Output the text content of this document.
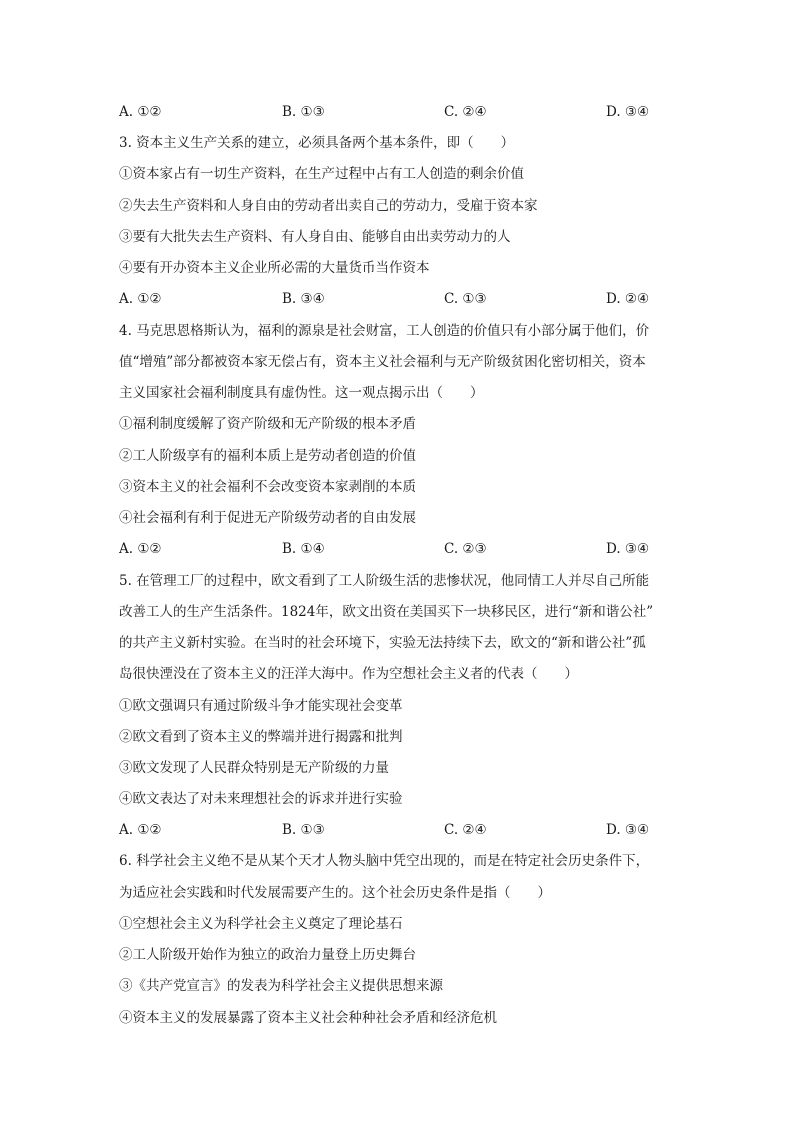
A. ①②	B. ①③	C. ②④	D. ③④
3. 资本主义生产关系的建立，必须具备两个基本条件，即（　　）
①资本家占有一切生产资料，在生产过程中占有工人创造的剩余价值
②失去生产资料和人身自由的劳动者出卖自己的劳动力，受雇于资本家
③要有大批失去生产资料、有人身自由、能够自由出卖劳动力的人
④要有开办资本主义企业所必需的大量货币当作资本
A. ①②	B. ③④	C. ①③	D. ②④
4. 马克思恩格斯认为，福利的源泉是社会财富，工人创造的价值只有小部分属于他们，价
值“增殖”部分都被资本家无偿占有，资本主义社会福利与无产阶级贫困化密切相关，资本
主义国家社会福利制度具有虚伪性。这一观点揭示出（　　）
①福利制度缓解了资产阶级和无产阶级的根本矛盾
②工人阶级享有的福利本质上是劳动者创造的价值
③资本主义的社会福利不会改变资本家剥削的本质
④社会福利有利于促进无产阶级劳动者的自由发展
A. ①②	B. ①④	C. ②③	D. ③④
5. 在管理工厂的过程中，欧文看到了工人阶级生活的悲惨状况，他同情工人并尽自己所能
改善工人的生产生活条件。1824年，欧文出资在美国买下一块移民区，进行“新和谐公社”
的共产主义新村实验。在当时的社会环境下，实验无法持续下去，欧文的“新和谐公社”孤
岛很快湮没在了资本主义的汪洋大海中。作为空想社会主义者的代表（　　）
①欧文强调只有通过阶级斗争才能实现社会变革
②欧文看到了资本主义的弊端并进行揭露和批判
③欧文发现了人民群众特别是无产阶级的力量
④欧文表达了对未来理想社会的诉求并进行实验
A. ①②	B. ①③	C. ②④	D. ③④
6. 科学社会主义绝不是从某个天才人物头脑中凭空出现的，而是在特定社会历史条件下，
为适应社会实践和时代发展需要产生的。这个社会历史条件是指（　　）
①空想社会主义为科学社会主义奠定了理论基石
②工人阶级开始作为独立的政治力量登上历史舞台
③《共产党宣言》的发表为科学社会主义提供思想来源
④资本主义的发展暴露了资本主义社会种种社会矛盾和经济危机
